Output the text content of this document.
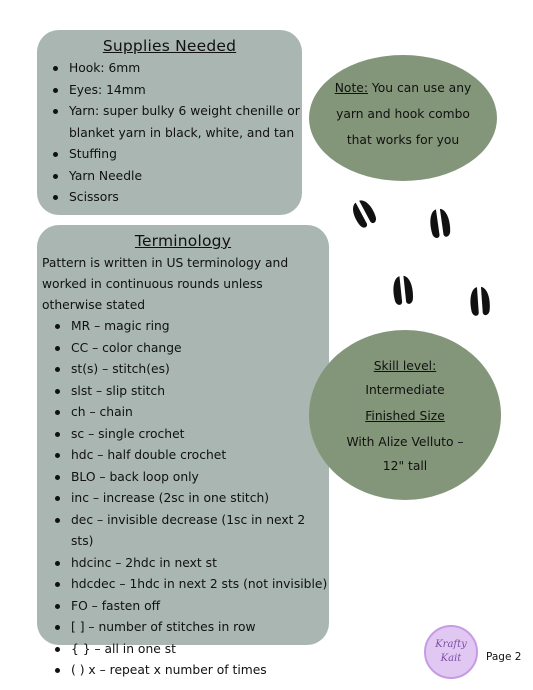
Supplies Needed
Hook: 6mm
Eyes: 14mm
Yarn: super bulky 6 weight chenille or blanket yarn in black, white, and tan
Stuffing
Yarn Needle
Scissors
Note: You can use any yarn and hook combo that works for you
Terminology
Pattern is written in US terminology and worked in continuous rounds unless otherwise stated
MR – magic ring
CC – color change
st(s) – stitch(es)
slst – slip stitch
ch – chain
sc – single crochet
hdc – half double crochet
BLO – back loop only
inc – increase (2sc in one stitch)
dec – invisible decrease (1sc in next 2 sts)
hdcinc – 2hdc in next st
hdcdec – 1hdc in next 2 sts (not invisible)
FO – fasten off
[ ] – number of stitches in row
{ } – all in one st
( ) x – repeat x number of times
Skill level:
Intermediate
Finished Size
With Alize Velluto –
12" tall
Krafty
Kait	Page 2
